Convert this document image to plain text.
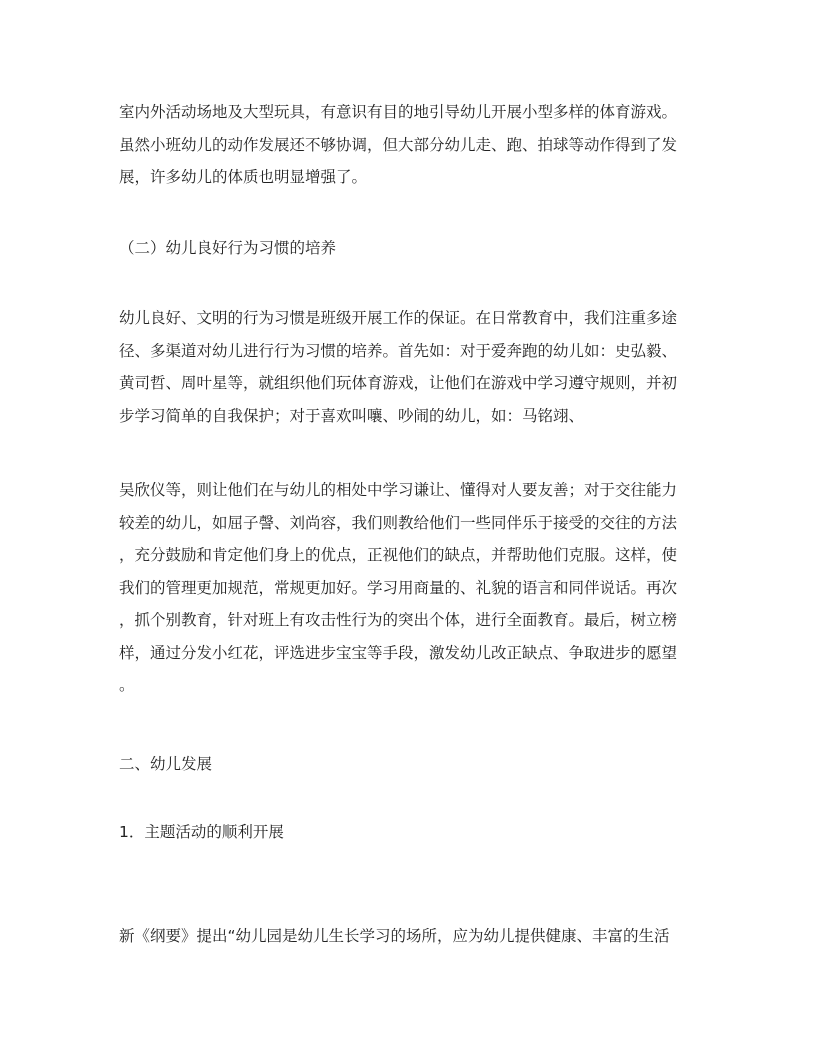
室内外活动场地及大型玩具，有意识有目的地引导幼儿开展小型多样的体育游戏。
虽然小班幼儿的动作发展还不够协调，但大部分幼儿走、跑、拍球等动作得到了发
展，许多幼儿的体质也明显增强了。

（二）幼儿良好行为习惯的培养

幼儿良好、文明的行为习惯是班级开展工作的保证。在日常教育中，我们注重多途
径、多渠道对幼儿进行行为习惯的培养。首先如：对于爱奔跑的幼儿如：史弘毅、
黄司哲、周叶星等，就组织他们玩体育游戏，让他们在游戏中学习遵守规则，并初
步学习简单的自我保护；对于喜欢叫嚷、吵闹的幼儿，如：马铭翊、

吴欣仪等，则让他们在与幼儿的相处中学习谦让、懂得对人要友善；对于交往能力
较差的幼儿，如屈子謦、刘尚容，我们则教给他们一些同伴乐于接受的交往的方法
，充分鼓励和肯定他们身上的优点，正视他们的缺点，并帮助他们克服。这样，使
我们的管理更加规范，常规更加好。学习用商量的、礼貌的语言和同伴说话。再次
，抓个别教育，针对班上有攻击性行为的突出个体，进行全面教育。最后，树立榜
样，通过分发小红花，评选进步宝宝等手段，激发幼儿改正缺点、争取进步的愿望
。

二、幼儿发展
1．主题活动的顺利开展

新《纲要》提出“幼儿园是幼儿生长学习的场所，应为幼儿提供健康、丰富的生活
